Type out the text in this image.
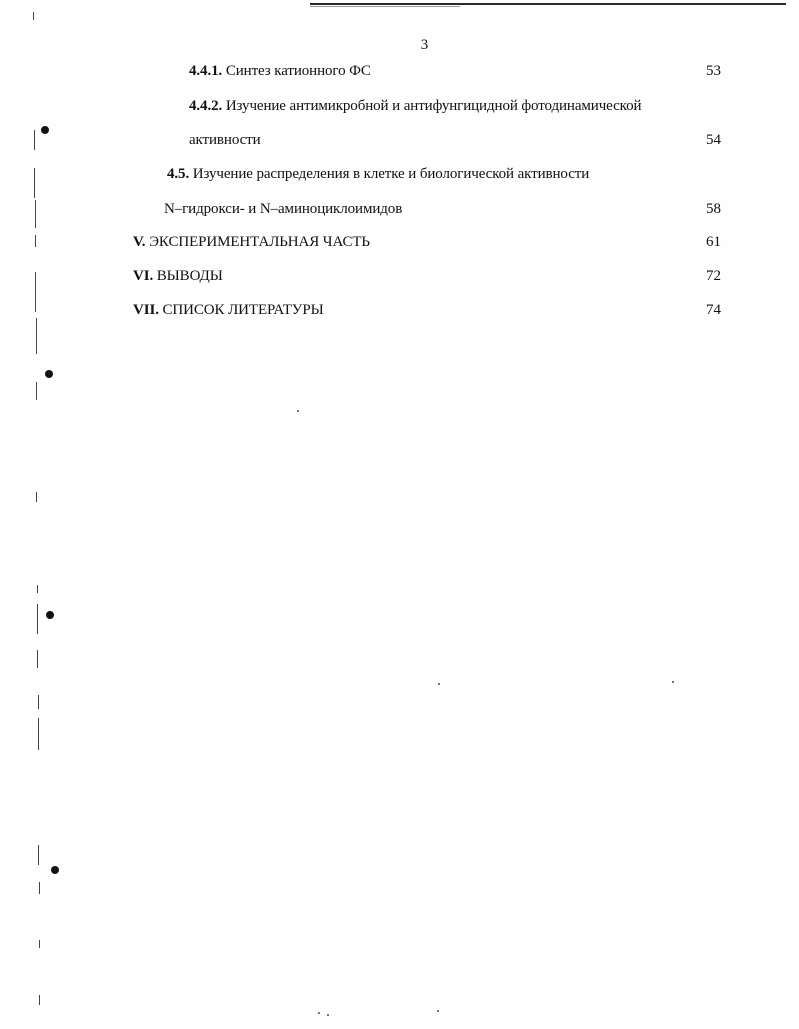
3
4.4.1. Синтез катионного ФС	53
4.4.2. Изучение антимикробной и антифунгицидной фотодинамической
активности	54
4.5. Изучение распределения в клетке и биологической активности
N–гидрокси- и N–аминоциклоимидов	58
V. ЭКСПЕРИМЕНТАЛЬНАЯ ЧАСТЬ	61
VI. ВЫВОДЫ	72
VII. СПИСОК ЛИТЕРАТУРЫ	74
